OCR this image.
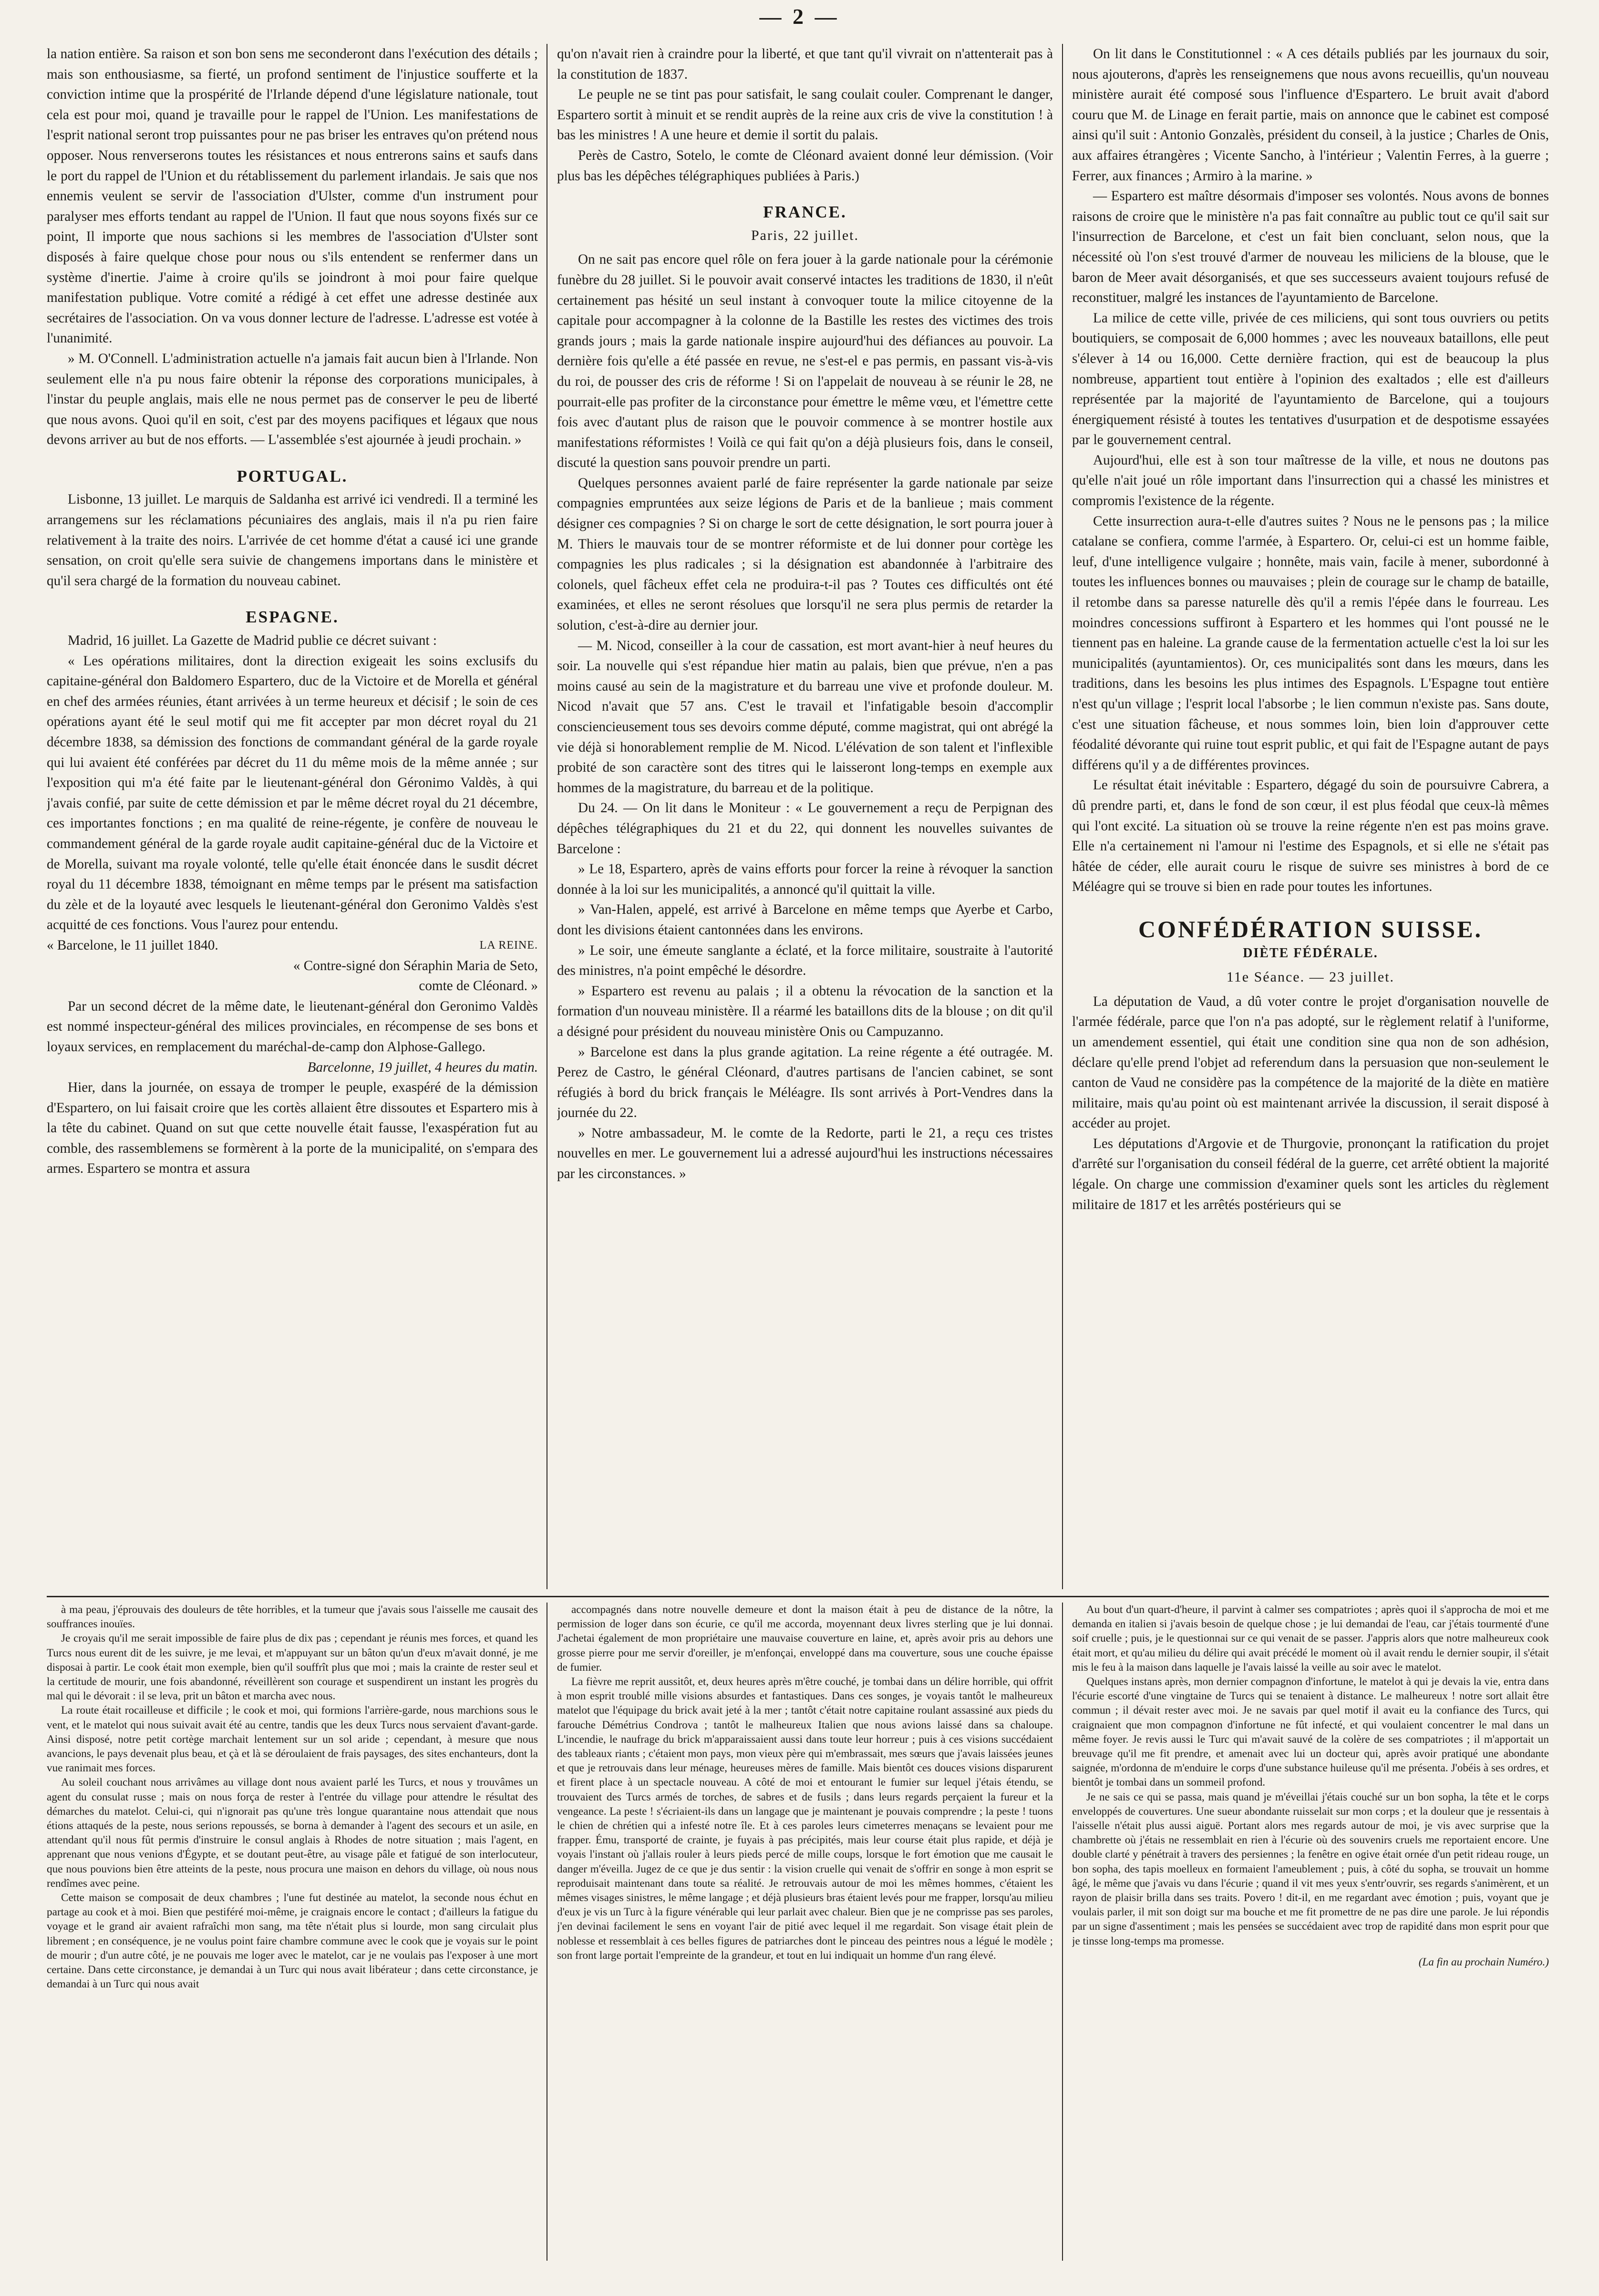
— 2 —

la nation entière. Sa raison et son bon sens me seconderont dans l'exécution des détails ; mais son enthousiasme, sa fierté, un profond sentiment de l'injustice soufferte et la conviction intime que la prospérité de l'Irlande dépend d'une législature nationale, tout cela est pour moi, quand je travaille pour le rappel de l'Union. Les manifestations de l'esprit national seront trop puissantes pour ne pas briser les entraves qu'on prétend nous opposer. Nous renverserons toutes les résistances et nous entrerons sains et saufs dans le port du rappel de l'Union et du rétablissement du parlement irlandais. Je sais que nos ennemis veulent se servir de l'association d'Ulster, comme d'un instrument pour paralyser mes efforts tendant au rappel de l'Union. Il faut que nous soyons fixés sur ce point, Il importe que nous sachions si les membres de l'association d'Ulster sont disposés à faire quelque chose pour nous ou s'ils entendent se renfermer dans un système d'inertie. J'aime à croire qu'ils se joindront à moi pour faire quelque manifestation publique. Votre comité a rédigé à cet effet une adresse destinée aux secrétaires de l'association. On va vous donner lecture de l'adresse. L'adresse est votée à l'unanimité.

» M. O'Connell. L'administration actuelle n'a jamais fait aucun bien à l'Irlande. Non seulement elle n'a pu nous faire obtenir la réponse des corporations municipales, à l'instar du peuple anglais, mais elle ne nous permet pas de conserver le peu de liberté que nous avons. Quoi qu'il en soit, c'est par des moyens pacifiques et légaux que nous devons arriver au but de nos efforts. — L'assemblée s'est ajournée à jeudi prochain. »

PORTUGAL.

Lisbonne, 13 juillet. Le marquis de Saldanha est arrivé ici vendredi. Il a terminé les arrangemens sur les réclamations pécuniaires des anglais, mais il n'a pu rien faire relativement à la traite des noirs. L'arrivée de cet homme d'état a causé ici une grande sensation, on croit qu'elle sera suivie de changemens importans dans le ministère et qu'il sera chargé de la formation du nouveau cabinet.

ESPAGNE.

Madrid, 16 juillet. La Gazette de Madrid publie ce décret suivant :

« Les opérations militaires, dont la direction exigeait les soins exclusifs du capitaine-général don Baldomero Espartero, duc de la Victoire et de Morella et général en chef des armées réunies, étant arrivées à un terme heureux et décisif ; le soin de ces opérations ayant été le seul motif qui me fit accepter par mon décret royal du 21 décembre 1838, sa démission des fonctions de commandant général de la garde royale qui lui avaient été conférées par décret du 11 du même mois de la même année ; sur l'exposition qui m'a été faite par le lieutenant-général don Géronimo Valdès, à qui j'avais confié, par suite de cette démission et par le même décret royal du 21 décembre, ces importantes fonctions ; en ma qualité de reine-régente, je confère de nouveau le commandement général de la garde royale audit capitaine-général duc de la Victoire et de Morella, suivant ma royale volonté, telle qu'elle était énoncée dans le susdit décret royal du 11 décembre 1838, témoignant en même temps par le présent ma satisfaction du zèle et de la loyauté avec lesquels le lieutenant-général don Geronimo Valdès s'est acquitté de ces fonctions. Vous l'aurez pour entendu.

« Barcelone, le 11 juillet 1840.	LA REINE.
« Contre-signé don Séraphin Maria de Seto,
comte de Cléonard. »

Par un second décret de la même date, le lieutenant-général don Geronimo Valdès est nommé inspecteur-général des milices provinciales, en récompense de ses bons et loyaux services, en remplacement du maréchal-de-camp don Alphose-Gallego.

Barcelonne, 19 juillet, 4 heures du matin.

Hier, dans la journée, on essaya de tromper le peuple, exaspéré de la démission d'Espartero, on lui faisait croire que les cortès allaient être dissoutes et Espartero mis à la tête du cabinet. Quand on sut que cette nouvelle était fausse, l'exaspération fut au comble, des rassemblemens se formèrent à la porte de la municipalité, on s'empara des armes. Espartero se montra et assura

qu'on n'avait rien à craindre pour la liberté, et que tant qu'il vivrait on n'attenterait pas à la constitution de 1837.

Le peuple ne se tint pas pour satisfait, le sang coulait couler. Comprenant le danger, Espartero sortit à minuit et se rendit auprès de la reine aux cris de vive la constitution ! à bas les ministres ! A une heure et demie il sortit du palais.

Perès de Castro, Sotelo, le comte de Cléonard avaient donné leur démission. (Voir plus bas les dépêches télégraphiques publiées à Paris.)

FRANCE.
Paris, 22 juillet.

On ne sait pas encore quel rôle on fera jouer à la garde nationale pour la cérémonie funèbre du 28 juillet. Si le pouvoir avait conservé intactes les traditions de 1830, il n'eût certainement pas hésité un seul instant à convoquer toute la milice citoyenne de la capitale pour accompagner à la colonne de la Bastille les restes des victimes des trois grands jours ; mais la garde nationale inspire aujourd'hui des défiances au pouvoir. La dernière fois qu'elle a été passée en revue, ne s'est-el e pas permis, en passant vis-à-vis du roi, de pousser des cris de réforme ! Si on l'appelait de nouveau à se réunir le 28, ne pourrait-elle pas profiter de la circonstance pour émettre le même vœu, et l'émettre cette fois avec d'autant plus de raison que le pouvoir commence à se montrer hostile aux manifestations réformistes ! Voilà ce qui fait qu'on a déjà plusieurs fois, dans le conseil, discuté la question sans pouvoir prendre un parti.

Quelques personnes avaient parlé de faire représenter la garde nationale par seize compagnies empruntées aux seize légions de Paris et de la banlieue ; mais comment désigner ces compagnies ? Si on charge le sort de cette désignation, le sort pourra jouer à M. Thiers le mauvais tour de se montrer réformiste et de lui donner pour cortège les compagnies les plus radicales ; si la désignation est abandonnée à l'arbitraire des colonels, quel fâcheux effet cela ne produira-t-il pas ? Toutes ces difficultés ont été examinées, et elles ne seront résolues que lorsqu'il ne sera plus permis de retarder la solution, c'est-à-dire au dernier jour.

— M. Nicod, conseiller à la cour de cassation, est mort avant-hier à neuf heures du soir. La nouvelle qui s'est répandue hier matin au palais, bien que prévue, n'en a pas moins causé au sein de la magistrature et du barreau une vive et profonde douleur. M. Nicod n'avait que 57 ans. C'est le travail et l'infatigable besoin d'accomplir consciencieusement tous ses devoirs comme député, comme magistrat, qui ont abrégé la vie déjà si honorablement remplie de M. Nicod. L'élévation de son talent et l'inflexible probité de son caractère sont des titres qui le laisseront long-temps en exemple aux hommes de la magistrature, du barreau et de la politique.

Du 24. — On lit dans le Moniteur : « Le gouvernement a reçu de Perpignan des dépêches télégraphiques du 21 et du 22, qui donnent les nouvelles suivantes de Barcelone :

» Le 18, Espartero, après de vains efforts pour forcer la reine à révoquer la sanction donnée à la loi sur les municipalités, a annoncé qu'il quittait la ville.

» Van-Halen, appelé, est arrivé à Barcelone en même temps que Ayerbe et Carbo, dont les divisions étaient cantonnées dans les environs.

» Le soir, une émeute sanglante a éclaté, et la force militaire, soustraite à l'autorité des ministres, n'a point empêché le désordre.

» Espartero est revenu au palais ; il a obtenu la révocation de la sanction et la formation d'un nouveau ministère. Il a réarmé les bataillons dits de la blouse ; on dit qu'il a désigné pour président du nouveau ministère Onis ou Campuzanno.

» Barcelone est dans la plus grande agitation. La reine régente a été outragée. M. Perez de Castro, le général Cléonard, d'autres partisans de l'ancien cabinet, se sont réfugiés à bord du brick français le Méléagre. Ils sont arrivés à Port-Vendres dans la journée du 22.

» Notre ambassadeur, M. le comte de la Redorte, parti le 21, a reçu ces tristes nouvelles en mer. Le gouvernement lui a adressé aujourd'hui les instructions nécessaires par les circonstances. »

On lit dans le Constitutionnel : « A ces détails publiés par les journaux du soir, nous ajouterons, d'après les renseignemens que nous avons recueillis, qu'un nouveau ministère aurait été composé sous l'influence d'Espartero. Le bruit avait d'abord couru que M. de Linage en ferait partie, mais on annonce que le cabinet est composé ainsi qu'il suit : Antonio Gonzalès, président du conseil, à la justice ; Charles de Onis, aux affaires étrangères ; Vicente Sancho, à l'intérieur ; Valentin Ferres, à la guerre ; Ferrer, aux finances ; Armiro à la marine. »

— Espartero est maître désormais d'imposer ses volontés. Nous avons de bonnes raisons de croire que le ministère n'a pas fait connaître au public tout ce qu'il sait sur l'insurrection de Barcelone, et c'est un fait bien concluant, selon nous, que la nécessité où l'on s'est trouvé d'armer de nouveau les miliciens de la blouse, que le baron de Meer avait désorganisés, et que ses successeurs avaient toujours refusé de reconstituer, malgré les instances de l'ayuntamiento de Barcelone.

La milice de cette ville, privée de ces miliciens, qui sont tous ouvriers ou petits boutiquiers, se composait de 6,000 hommes ; avec les nouveaux bataillons, elle peut s'élever à 14 ou 16,000. Cette dernière fraction, qui est de beaucoup la plus nombreuse, appartient tout entière à l'opinion des exaltados ; elle est d'ailleurs représentée par la majorité de l'ayuntamiento de Barcelone, qui a toujours énergiquement résisté à toutes les tentatives d'usurpation et de despotisme essayées par le gouvernement central.

Aujourd'hui, elle est à son tour maîtresse de la ville, et nous ne doutons pas qu'elle n'ait joué un rôle important dans l'insurrection qui a chassé les ministres et compromis l'existence de la régente.

Cette insurrection aura-t-elle d'autres suites ? Nous ne le pensons pas ; la milice catalane se confiera, comme l'armée, à Espartero. Or, celui-ci est un homme faible, leuf, d'une intelligence vulgaire ; honnête, mais vain, facile à mener, subordonné à toutes les influences bonnes ou mauvaises ; plein de courage sur le champ de bataille, il retombe dans sa paresse naturelle dès qu'il a remis l'épée dans le fourreau. Les moindres concessions suffiront à Espartero et les hommes qui l'ont poussé ne le tiennent pas en haleine. La grande cause de la fermentation actuelle c'est la loi sur les municipalités (ayuntamientos). Or, ces municipalités sont dans les mœurs, dans les traditions, dans les besoins les plus intimes des Espagnols. L'Espagne tout entière n'est qu'un village ; l'esprit local l'absorbe ; le lien commun n'existe pas. Sans doute, c'est une situation fâcheuse, et nous sommes loin, bien loin d'approuver cette féodalité dévorante qui ruine tout esprit public, et qui fait de l'Espagne autant de pays différens qu'il y a de différentes provinces.

Le résultat était inévitable : Espartero, dégagé du soin de poursuivre Cabrera, a dû prendre parti, et, dans le fond de son cœur, il est plus féodal que ceux-là mêmes qui l'ont excité. La situation où se trouve la reine régente n'en est pas moins grave. Elle n'a certainement ni l'amour ni l'estime des Espagnols, et si elle ne s'était pas hâtée de céder, elle aurait couru le risque de suivre ses ministres à bord de ce Méléagre qui se trouve si bien en rade pour toutes les infortunes.

CONFÉDÉRATION SUISSE.
DIÈTE FÉDÉRALE.
11e Séance. — 23 juillet.

La députation de Vaud, a dû voter contre le projet d'organisation nouvelle de l'armée fédérale, parce que l'on n'a pas adopté, sur le règlement relatif à l'uniforme, un amendement essentiel, qui était une condition sine qua non de son adhésion, déclare qu'elle prend l'objet ad referendum dans la persuasion que non-seulement le canton de Vaud ne considère pas la compétence de la majorité de la diète en matière militaire, mais qu'au point où est maintenant arrivée la discussion, il serait disposé à accéder au projet.

Les députations d'Argovie et de Thurgovie, prononçant la ratification du projet d'arrêté sur l'organisation du conseil fédéral de la guerre, cet arrêté obtient la majorité légale. On charge une commission d'examiner quels sont les articles du règlement militaire de 1817 et les arrêtés postérieurs qui se

à ma peau, j'éprouvais des douleurs de tête horribles, et la tumeur que j'avais sous l'aisselle me causait des souffrances inouïes.

Je croyais qu'il me serait impossible de faire plus de dix pas ; cependant je réunis mes forces, et quand les Turcs nous eurent dit de les suivre, je me levai, et m'appuyant sur un bâton qu'un d'eux m'avait donné, je me disposai à partir. Le cook était mon exemple, bien qu'il souffrît plus que moi ; mais la crainte de rester seul et la certitude de mourir, une fois abandonné, réveillèrent son courage et suspendirent un instant les progrès du mal qui le dévorait : il se leva, prit un bâton et marcha avec nous.

La route était rocailleuse et difficile ; le cook et moi, qui formions l'arrière-garde, nous marchions sous le vent, et le matelot qui nous suivait avait été au centre, tandis que les deux Turcs nous servaient d'avant-garde. Ainsi disposé, notre petit cortège marchait lentement sur un sol aride ; cependant, à mesure que nous avancions, le pays devenait plus beau, et çà et là se déroulaient de frais paysages, des sites enchanteurs, dont la vue ranimait mes forces.

Au soleil couchant nous arrivâmes au village dont nous avaient parlé les Turcs, et nous y trouvâmes un agent du consulat russe ; mais on nous força de rester à l'entrée du village pour attendre le résultat des démarches du matelot. Celui-ci, qui n'ignorait pas qu'une très longue quarantaine nous attendait que nous étions attaqués de la peste, nous serions repoussés, se borna à demander à l'agent des secours et un asile, en attendant qu'il nous fût permis d'instruire le consul anglais à Rhodes de notre situation ; mais l'agent, en apprenant que nous venions d'Égypte, et se doutant peut-être, au visage pâle et fatigué de son interlocuteur, que nous pouvions bien être atteints de la peste, nous procura une maison en dehors du village, où nous nous rendîmes avec peine.

Cette maison se composait de deux chambres ; l'une fut destinée au matelot, la seconde nous échut en partage au cook et à moi. Bien que pestiféré moi-même, je craignais encore le contact ; d'ailleurs la fatigue du voyage et le grand air avaient rafraîchi mon sang, ma tête n'était plus si lourde, mon sang circulait plus librement ; en conséquence, je ne voulus point faire chambre commune avec le cook que je voyais sur le point de mourir ; d'un autre côté, je ne pouvais me loger avec le matelot, car je ne voulais pas l'exposer à une mort certaine. Dans cette circonstance, je demandai à un Turc qui nous avait libérateur ; dans cette circonstance, je demandai à un Turc qui nous avait

accompagnés dans notre nouvelle demeure et dont la maison était à peu de distance de la nôtre, la permission de loger dans son écurie, ce qu'il me accorda, moyennant deux livres sterling que je lui donnai. J'achetai également de mon propriétaire une mauvaise couverture en laine, et, après avoir pris au dehors une grosse pierre pour me servir d'oreiller, je m'enfonçai, enveloppé dans ma couverture, sous une couche épaisse de fumier.

La fièvre me reprit aussitôt, et, deux heures après m'être couché, je tombai dans un délire horrible, qui offrit à mon esprit troublé mille visions absurdes et fantastiques. Dans ces songes, je voyais tantôt le malheureux matelot que l'équipage du brick avait jeté à la mer ; tantôt c'était notre capitaine roulant assassiné aux pieds du farouche Démétrius Condrova ; tantôt le malheureux Italien que nous avions laissé dans sa chaloupe. L'incendie, le naufrage du brick m'apparaissaient aussi dans toute leur horreur ; puis à ces visions succédaient des tableaux riants ; c'étaient mon pays, mon vieux père qui m'embrassait, mes sœurs que j'avais laissées jeunes et que je retrouvais dans leur ménage, heureuses mères de famille. Mais bientôt ces douces visions disparurent et firent place à un spectacle nouveau. A côté de moi et entourant le fumier sur lequel j'étais étendu, se trouvaient des Turcs armés de torches, de sabres et de fusils ; dans leurs regards perçaient la fureur et la vengeance. La peste ! s'écriaient-ils dans un langage que je maintenant je pouvais comprendre ; la peste ! tuons le chien de chrétien qui a infesté notre île. Et à ces paroles leurs cimeterres menaçans se levaient pour me frapper. Ému, transporté de crainte, je fuyais à pas précipités, mais leur course était plus rapide, et déjà je voyais l'instant où j'allais rouler à leurs pieds percé de mille coups, lorsque le fort émotion que me causait le danger m'éveilla. Jugez de ce que je dus sentir : la vision cruelle qui venait de s'offrir en songe à mon esprit se reproduisait maintenant dans toute sa réalité. Je retrouvais autour de moi les mêmes hommes, c'étaient les mêmes visages sinistres, le même langage ; et déjà plusieurs bras étaient levés pour me frapper, lorsqu'au milieu d'eux je vis un Turc à la figure vénérable qui leur parlait avec chaleur. Bien que je ne comprisse pas ses paroles, j'en devinai facilement le sens en voyant l'air de pitié avec lequel il me regardait. Son visage était plein de noblesse et ressemblait à ces belles figures de patriarches dont le pinceau des peintres nous a légué le modèle ; son front large portait l'empreinte de la grandeur, et tout en lui indiquait un homme d'un rang élevé.

Au bout d'un quart-d'heure, il parvint à calmer ses compatriotes ; après quoi il s'approcha de moi et me demanda en italien si j'avais besoin de quelque chose ; je lui demandai de l'eau, car j'étais tourmenté d'une soif cruelle ; puis, je le questionnai sur ce qui venait de se passer. J'appris alors que notre malheureux cook était mort, et qu'au milieu du délire qui avait précédé le moment où il avait rendu le dernier soupir, il s'était mis le feu à la maison dans laquelle je l'avais laissé la veille au soir avec le matelot.

Quelques instans après, mon dernier compagnon d'infortune, le matelot à qui je devais la vie, entra dans l'écurie escorté d'une vingtaine de Turcs qui se tenaient à distance. Le malheureux ! notre sort allait être commun ; il dévait rester avec moi. Je ne savais par quel motif il avait eu la confiance des Turcs, qui craignaient que mon compagnon d'infortune ne fût infecté, et qui voulaient concentrer le mal dans un même foyer. Je revis aussi le Turc qui m'avait sauvé de la colère de ses compatriotes ; il m'apportait un breuvage qu'il me fit prendre, et amenait avec lui un docteur qui, après avoir pratiqué une abondante saignée, m'ordonna de m'enduire le corps d'une substance huileuse qu'il me présenta. J'obéis à ses ordres, et bientôt je tombai dans un sommeil profond.

Je ne sais ce qui se passa, mais quand je m'éveillai j'étais couché sur un bon sopha, la tête et le corps enveloppés de couvertures. Une sueur abondante ruisselait sur mon corps ; et la douleur que je ressentais à l'aisselle n'était plus aussi aiguë. Portant alors mes regards autour de moi, je vis avec surprise que la chambrette où j'étais ne ressemblait en rien à l'écurie où des souvenirs cruels me reportaient encore. Une double clarté y pénétrait à travers des persiennes ; la fenêtre en ogive était ornée d'un petit rideau rouge, un bon sopha, des tapis moelleux en formaient l'ameublement ; puis, à côté du sopha, se trouvait un homme âgé, le même que j'avais vu dans l'écurie ; quand il vit mes yeux s'entr'ouvrir, ses regards s'animèrent, et un rayon de plaisir brilla dans ses traits. Povero ! dit-il, en me regardant avec émotion ; puis, voyant que je voulais parler, il mit son doigt sur ma bouche et me fit promettre de ne pas dire une parole. Je lui répondis par un signe d'assentiment ; mais les pensées se succédaient avec trop de rapidité dans mon esprit pour que je tinsse long-temps ma promesse.

(La fin au prochain Numéro.)
